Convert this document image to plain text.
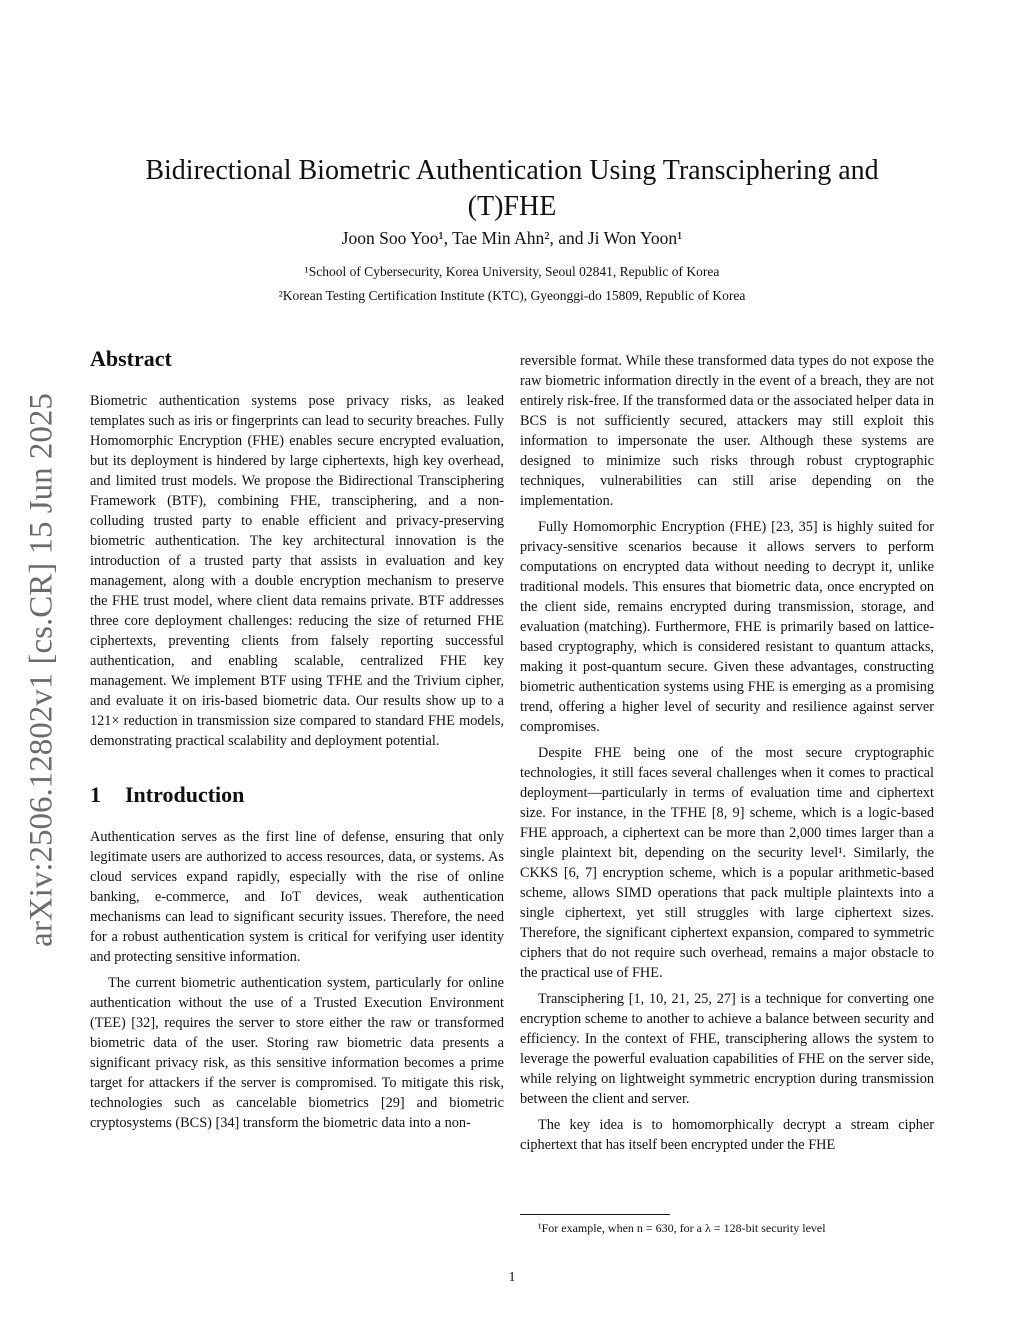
arXiv:2506.12802v1 [cs.CR] 15 Jun 2025
Bidirectional Biometric Authentication Using Transciphering and (T)FHE
Joon Soo Yoo¹, Tae Min Ahn², and Ji Won Yoon¹
¹School of Cybersecurity, Korea University, Seoul 02841, Republic of Korea
²Korean Testing Certification Institute (KTC), Gyeonggi-do 15809, Republic of Korea
Abstract

Biometric authentication systems pose privacy risks, as leaked templates such as iris or fingerprints can lead to security breaches. Fully Homomorphic Encryption (FHE) enables secure encrypted evaluation, but its deployment is hindered by large ciphertexts, high key overhead, and limited trust models. We propose the Bidirectional Transciphering Framework (BTF), combining FHE, transciphering, and a non-colluding trusted party to enable efficient and privacy-preserving biometric authentication. The key architectural innovation is the introduction of a trusted party that assists in evaluation and key management, along with a double encryption mechanism to preserve the FHE trust model, where client data remains private. BTF addresses three core deployment challenges: reducing the size of returned FHE ciphertexts, preventing clients from falsely reporting successful authentication, and enabling scalable, centralized FHE key management. We implement BTF using TFHE and the Trivium cipher, and evaluate it on iris-based biometric data. Our results show up to a 121× reduction in transmission size compared to standard FHE models, demonstrating practical scalability and deployment potential.

1 Introduction

Authentication serves as the first line of defense, ensuring that only legitimate users are authorized to access resources, data, or systems. As cloud services expand rapidly, especially with the rise of online banking, e-commerce, and IoT devices, weak authentication mechanisms can lead to significant security issues. Therefore, the need for a robust authentication system is critical for verifying user identity and protecting sensitive information.

The current biometric authentication system, particularly for online authentication without the use of a Trusted Execution Environment (TEE) [32], requires the server to store either the raw or transformed biometric data of the user. Storing raw biometric data presents a significant privacy risk, as this sensitive information becomes a prime target for attackers if the server is compromised. To mitigate this risk, technologies such as cancelable biometrics [29] and biometric cryptosystems (BCS) [34] transform the biometric data into a non-

reversible format. While these transformed data types do not expose the raw biometric information directly in the event of a breach, they are not entirely risk-free. If the transformed data or the associated helper data in BCS is not sufficiently secured, attackers may still exploit this information to impersonate the user. Although these systems are designed to minimize such risks through robust cryptographic techniques, vulnerabilities can still arise depending on the implementation.

Fully Homomorphic Encryption (FHE) [23, 35] is highly suited for privacy-sensitive scenarios because it allows servers to perform computations on encrypted data without needing to decrypt it, unlike traditional models. This ensures that biometric data, once encrypted on the client side, remains encrypted during transmission, storage, and evaluation (matching). Furthermore, FHE is primarily based on lattice-based cryptography, which is considered resistant to quantum attacks, making it post-quantum secure. Given these advantages, constructing biometric authentication systems using FHE is emerging as a promising trend, offering a higher level of security and resilience against server compromises.

Despite FHE being one of the most secure cryptographic technologies, it still faces several challenges when it comes to practical deployment—particularly in terms of evaluation time and ciphertext size. For instance, in the TFHE [8, 9] scheme, which is a logic-based FHE approach, a ciphertext can be more than 2,000 times larger than a single plaintext bit, depending on the security level¹. Similarly, the CKKS [6, 7] encryption scheme, which is a popular arithmetic-based scheme, allows SIMD operations that pack multiple plaintexts into a single ciphertext, yet still struggles with large ciphertext sizes. Therefore, the significant ciphertext expansion, compared to symmetric ciphers that do not require such overhead, remains a major obstacle to the practical use of FHE.

Transciphering [1, 10, 21, 25, 27] is a technique for converting one encryption scheme to another to achieve a balance between security and efficiency. In the context of FHE, transciphering allows the system to leverage the powerful evaluation capabilities of FHE on the server side, while relying on lightweight symmetric encryption during transmission between the client and server.

The key idea is to homomorphically decrypt a stream cipher ciphertext that has itself been encrypted under the FHE

¹For example, when n = 630, for a λ = 128-bit security level
1
